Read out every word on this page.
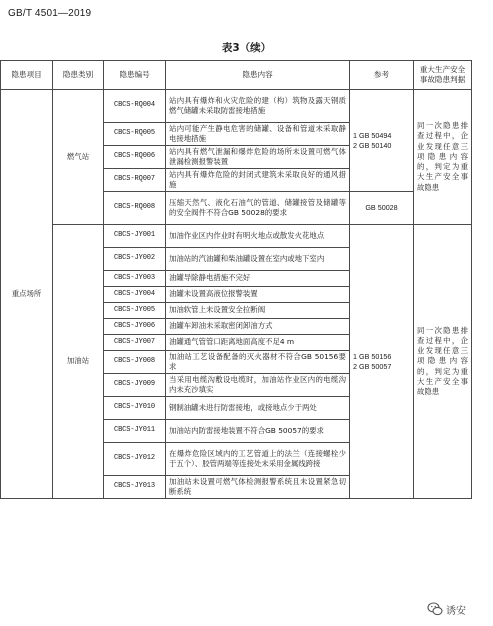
GB/T 4501—2019
表3（续）
隐患项目	隐患类别	隐患编号	隐患内容	参考	重大生产安全事故隐患判据
重点场所	燃气站	CBCS-RQ004	站内具有爆炸和火灾危险的建（构）筑物及露天钢质燃气储罐未采取防雷接地措施	1 GB 50494
2 GB 50140	同一次隐患排查过程中，企业发现任意三项隐患内容的，判定为重大生产安全事故隐患
		CBCS-RQ005	站内可能产生静电危害的储罐、设备和管道未采取静电接地措施		
		CBCS-RQ006	站内具有燃气泄漏和爆炸危险的场所未设置可燃气体泄漏检测报警装置		
		CBCS-RQ007	站内具有爆炸危险的封闭式建筑未采取良好的通风措施		
		CBCS-RQ008	压缩天然气、液化石油气的管道、储罐接管及储罐等的安全阀件不符合GB 50028的要求	GB 50028	
	加油站	CBCS-JY001	加油作业区内作业时有明火地点或散发火花地点	1 GB 50156
2 GB 50057	同一次隐患排查过程中，企业发现任意三项隐患内容的，判定为重大生产安全事故隐患
		CBCS-JY002	加油站的汽油罐和柴油罐设置在室内或地下室内		
		CBCS-JY003	油罐导除静电措施不完好		
		CBCS-JY004	油罐未设置高液位报警装置		
		CBCS-JY005	加油软管上未设置安全拉断阀		
		CBCS-JY006	油罐车卸油未采取密闭卸油方式		
		CBCS-JY007	油罐通气管管口距离地面高度不足4 m		
		CBCS-JY008	加油站工艺设备配备的灭火器材不符合GB 50156要求		
		CBCS-JY009	当采用电缆沟敷设电缆时，加油站作业区内的电缆沟内未充沙填实		
		CBCS-JY010	钢制油罐未进行防雷接地，或接地点少于两处		
		CBCS-JY011	加油站内防雷接地装置不符合GB 50057的要求		
		CBCS-JY012	在爆炸危险区域内的工艺管道上的法兰（连接螺栓少于五个）、胶管两端等连接处未采用金属线跨接		
		CBCS-JY013	加油站未设置可燃气体检测报警系统且未设置紧急切断系统		
诱安
